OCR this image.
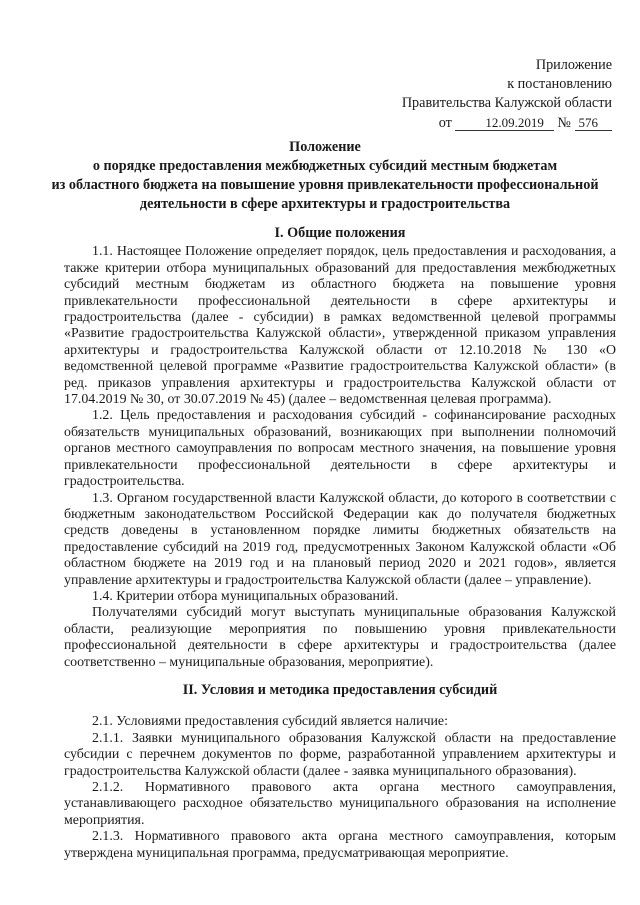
Приложение
к постановлению
Правительства Калужской области
от	12.09.2019 № 576
Положение
о порядке предоставления межбюджетных субсидий местным бюджетам
из областного бюджета на повышение уровня привлекательности профессиональной
деятельности в сфере архитектуры и градостроительства
I. Общие положения

1.1. Настоящее Положение определяет порядок, цель предоставления и расходования, а также критерии отбора муниципальных образований для предоставления межбюджетных субсидий местным бюджетам из областного бюджета на повышение уровня привлекательности профессиональной деятельности в сфере архитектуры и градостроительства (далее - субсидии) в рамках ведомственной целевой программы «Развитие градостроительства Калужской области», утвержденной приказом управления архитектуры и градостроительства Калужской области от 12.10.2018 № 130 «О ведомственной целевой программе «Развитие градостроительства Калужской области» (в ред. приказов управления архитектуры и градостроительства Калужской области от 17.04.2019 № 30, от 30.07.2019 № 45) (далее – ведомственная целевая программа).

1.2. Цель предоставления и расходования субсидий - софинансирование расходных обязательств муниципальных образований, возникающих при выполнении полномочий органов местного самоуправления по вопросам местного значения, на повышение уровня привлекательности профессиональной деятельности в сфере архитектуры и градостроительства.

1.3. Органом государственной власти Калужской области, до которого в соответствии с бюджетным законодательством Российской Федерации как до получателя бюджетных средств доведены в установленном порядке лимиты бюджетных обязательств на предоставление субсидий на 2019 год, предусмотренных Законом Калужской области «Об областном бюджете на 2019 год и на плановый период 2020 и 2021 годов», является управление архитектуры и градостроительства Калужской области (далее – управление).

1.4. Критерии отбора муниципальных образований.

Получателями субсидий могут выступать муниципальные образования Калужской области, реализующие мероприятия по повышению уровня привлекательности профессиональной деятельности в сфере архитектуры и градостроительства (далее соответственно – муниципальные образования, мероприятие).

II. Условия и методика предоставления субсидий

2.1. Условиями предоставления субсидий является наличие:

2.1.1. Заявки муниципального образования Калужской области на предоставление субсидии с перечнем документов по форме, разработанной управлением архитектуры и градостроительства Калужской области (далее - заявка муниципального образования).

2.1.2. Нормативного правового акта органа местного самоуправления, устанавливающего расходное обязательство муниципального образования на исполнение мероприятия.

2.1.3. Нормативного правового акта органа местного самоуправления, которым утверждена муниципальная программа, предусматривающая мероприятие.
